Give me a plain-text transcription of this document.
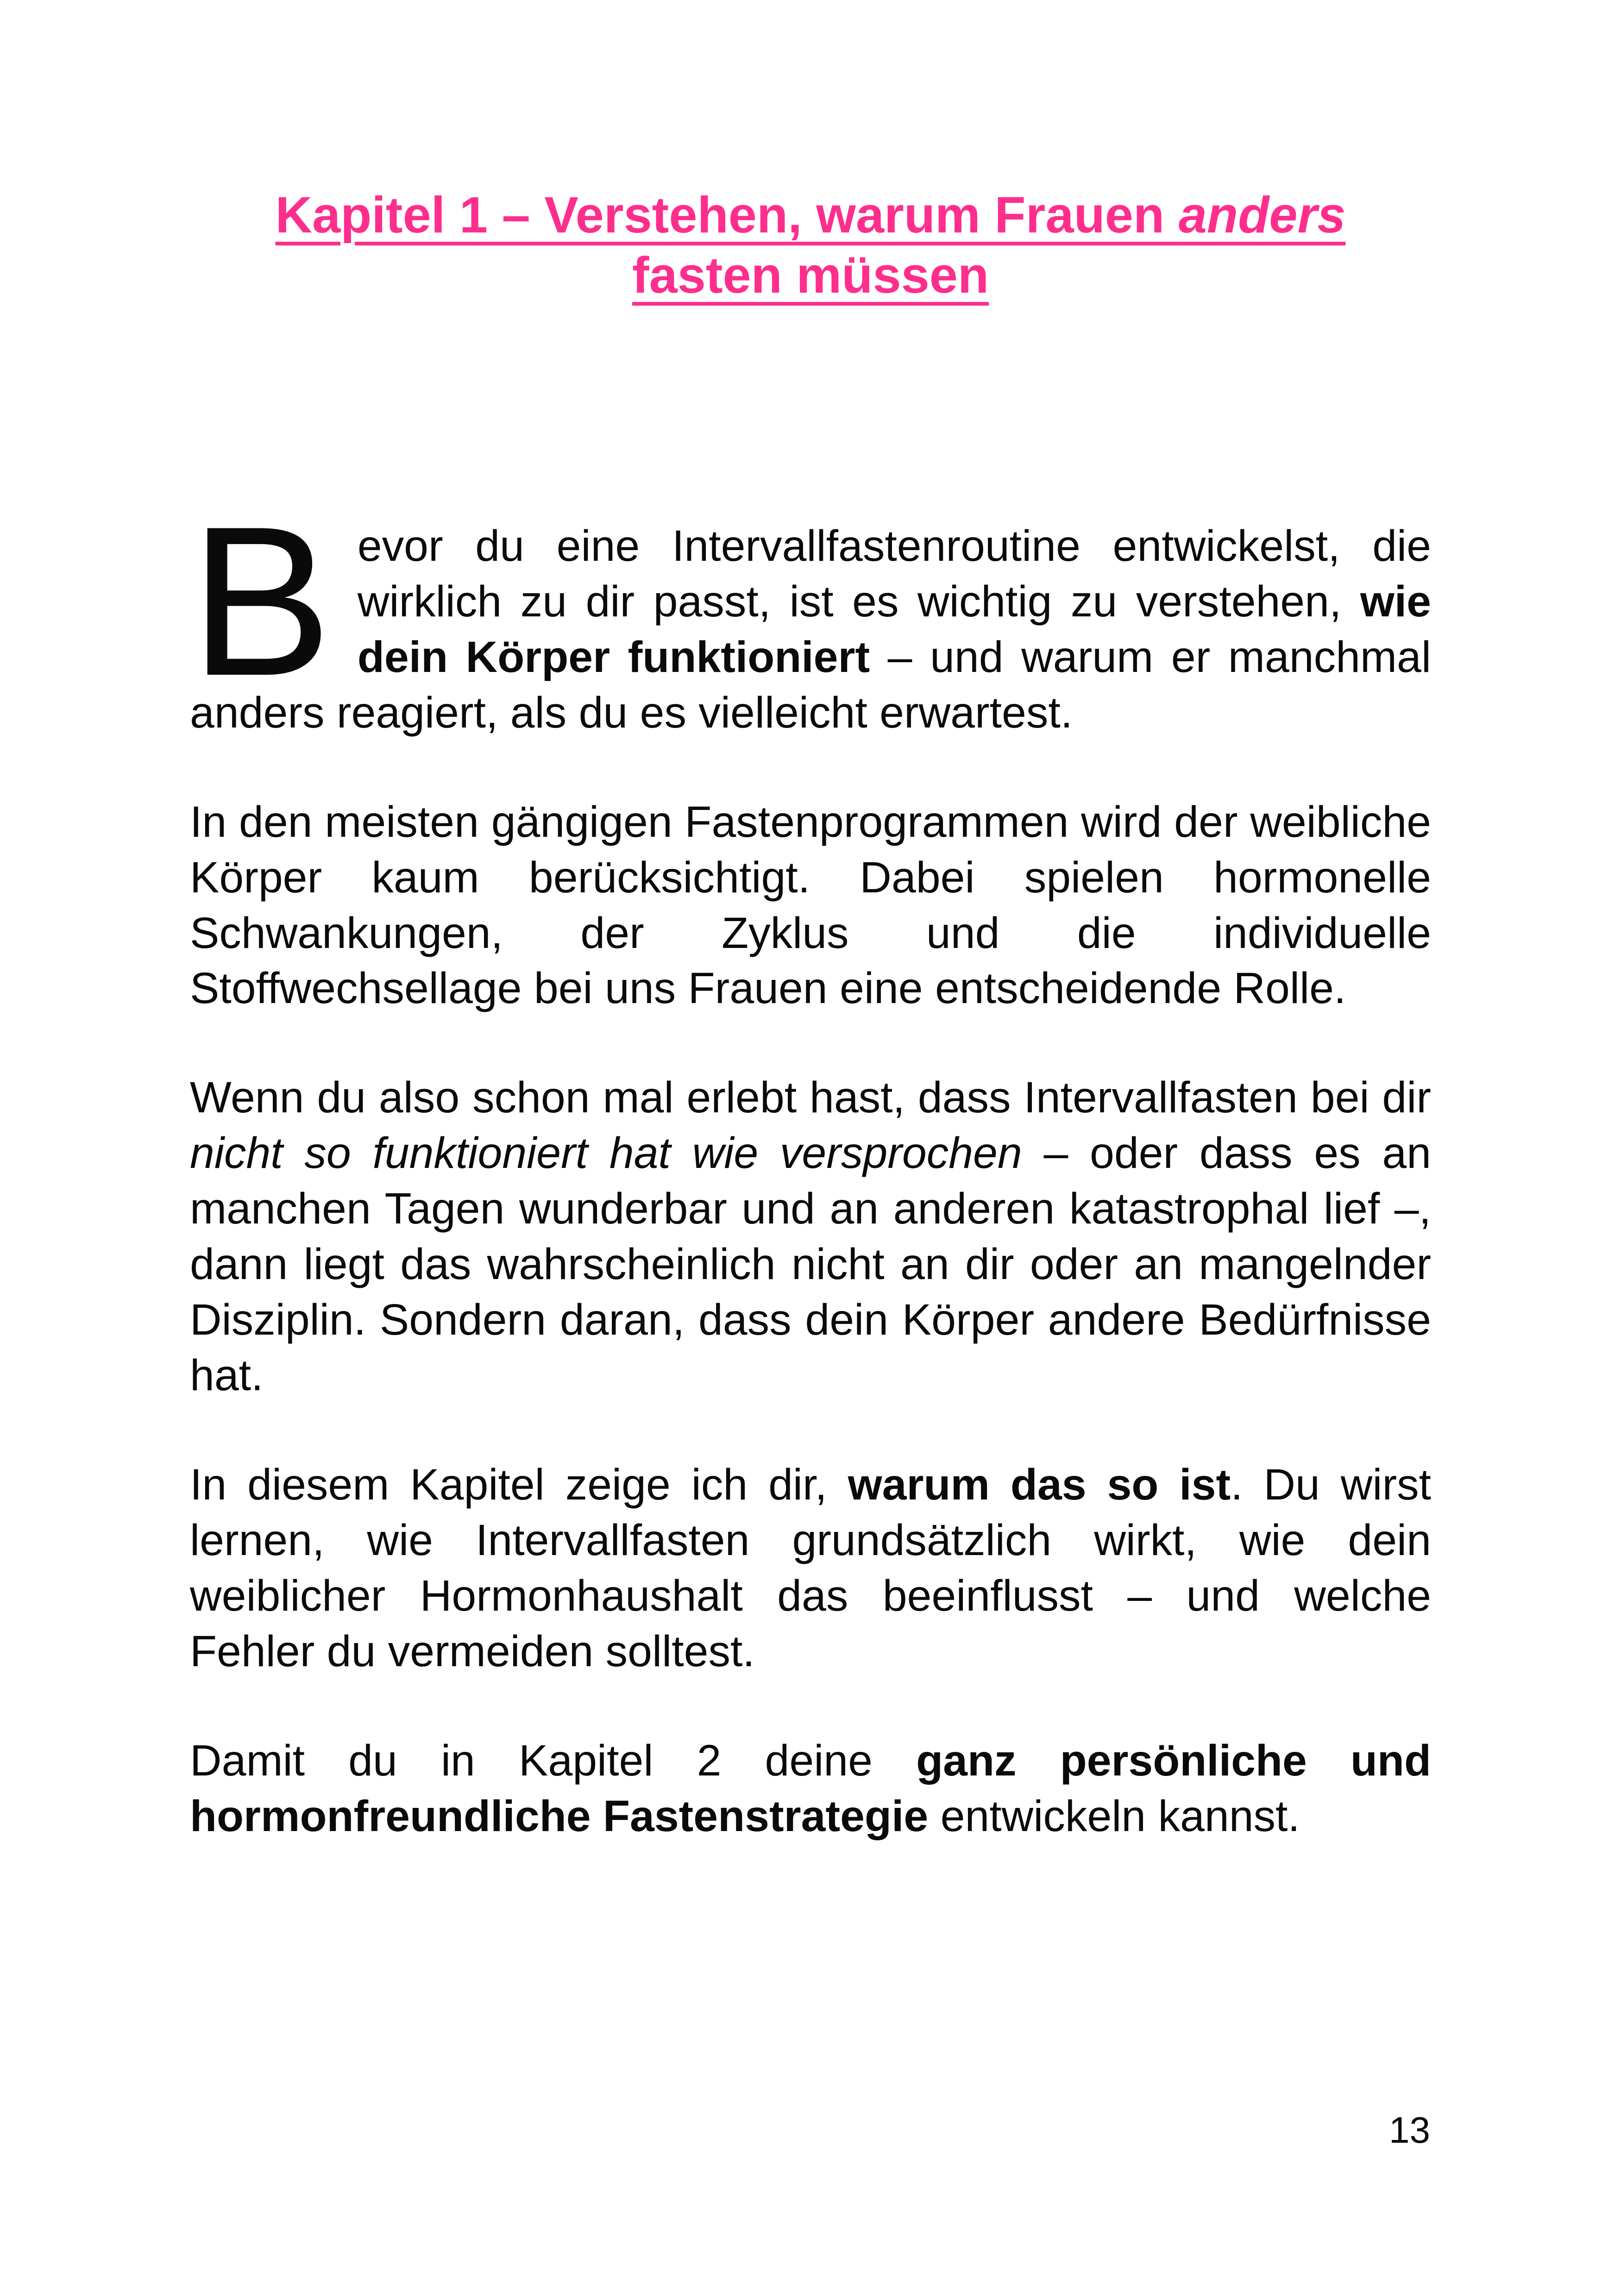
Kapitel 1 – Verstehen, warum Frauen anders fasten müssen

Bevor du eine Intervallfastenroutine entwickelst, die wirklich zu dir passt, ist es wichtig zu verstehen, wie dein Körper funktioniert – und warum er manchmal anders reagiert, als du es vielleicht erwartest.

In den meisten gängigen Fastenprogrammen wird der weibliche Körper kaum berücksichtigt. Dabei spielen hormonelle Schwankungen, der Zyklus und die individuelle Stoffwechsellage bei uns Frauen eine entscheidende Rolle.

Wenn du also schon mal erlebt hast, dass Intervallfasten bei dir nicht so funktioniert hat wie versprochen – oder dass es an manchen Tagen wunderbar und an anderen katastrophal lief –, dann liegt das wahrscheinlich nicht an dir oder an mangelnder Disziplin. Sondern daran, dass dein Körper andere Bedürfnisse hat.

In diesem Kapitel zeige ich dir, warum das so ist. Du wirst lernen, wie Intervallfasten grundsätzlich wirkt, wie dein weiblicher Hormonhaushalt das beeinflusst – und welche Fehler du vermeiden solltest.

Damit du in Kapitel 2 deine ganz persönliche und hormonfreundliche Fastenstrategie entwickeln kannst.

13
